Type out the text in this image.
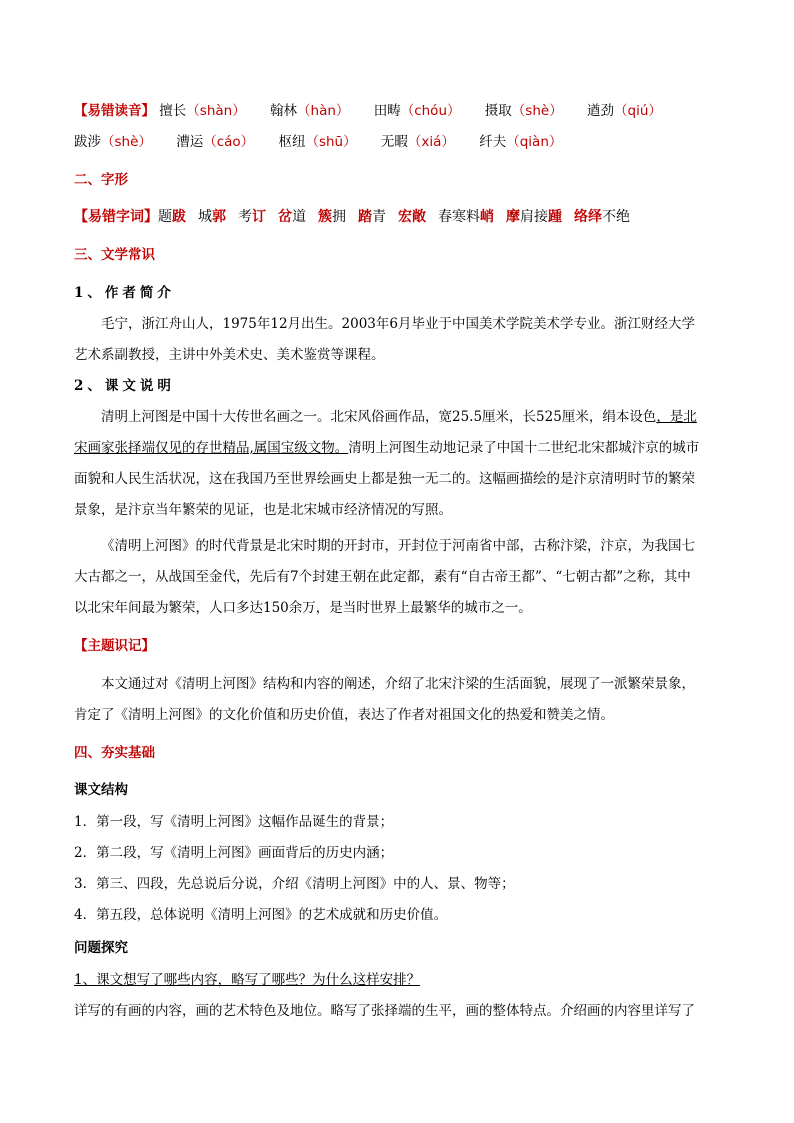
【易错读音】 擅长（shàn） 翰林（hàn） 田畴（chóu） 摄取（shè） 遒劲（qiú）
跋涉（shè） 漕运（cáo） 枢纽（shū） 无暇（xiá） 纤夫（qiàn）
二、字形
【易错字词】题跋 城郭 考订 岔道 簇拥 踏青 宏敞 春寒料峭 摩肩接踵 络绎不绝
三、文学常识
1、作者简介
毛宁，浙江舟山人，1975年12月出生。2003年6月毕业于中国美术学院美术学专业。浙江财经大学
艺术系副教授，主讲中外美术史、美术鉴赏等课程。
2、课文说明
清明上河图是中国十大传世名画之一。北宋风俗画作品，宽25.5厘米，长525厘米，绢本设色，是北
宋画家张择端仅见的存世精品,属国宝级文物。清明上河图生动地记录了中国十二世纪北宋都城汴京的城市
面貌和人民生活状况，这在我国乃至世界绘画史上都是独一无二的。这幅画描绘的是汴京清明时节的繁荣
景象，是汴京当年繁荣的见证，也是北宋城市经济情况的写照。
《清明上河图》的时代背景是北宋时期的开封市，开封位于河南省中部，古称汴梁，汴京，为我国七
大古都之一，从战国至金代，先后有7个封建王朝在此定都，素有“自古帝王都”、“七朝古都”之称，其中
以北宋年间最为繁荣，人口多达150余万，是当时世界上最繁华的城市之一。
【主题识记】
本文通过对《清明上河图》结构和内容的阐述，介绍了北宋汴梁的生活面貌，展现了一派繁荣景象，
肯定了《清明上河图》的文化价值和历史价值，表达了作者对祖国文化的热爱和赞美之情。
四、夯实基础
课文结构
1．第一段，写《清明上河图》这幅作品诞生的背景；
2．第二段，写《清明上河图》画面背后的历史内涵；
3．第三、四段，先总说后分说，介绍《清明上河图》中的人、景、物等；
4．第五段，总体说明《清明上河图》的艺术成就和历史价值。
问题探究
1、课文想写了哪些内容，略写了哪些？为什么这样安排？
详写的有画的内容，画的艺术特色及地位。略写了张择端的生平，画的整体特点。介绍画的内容里详写了
